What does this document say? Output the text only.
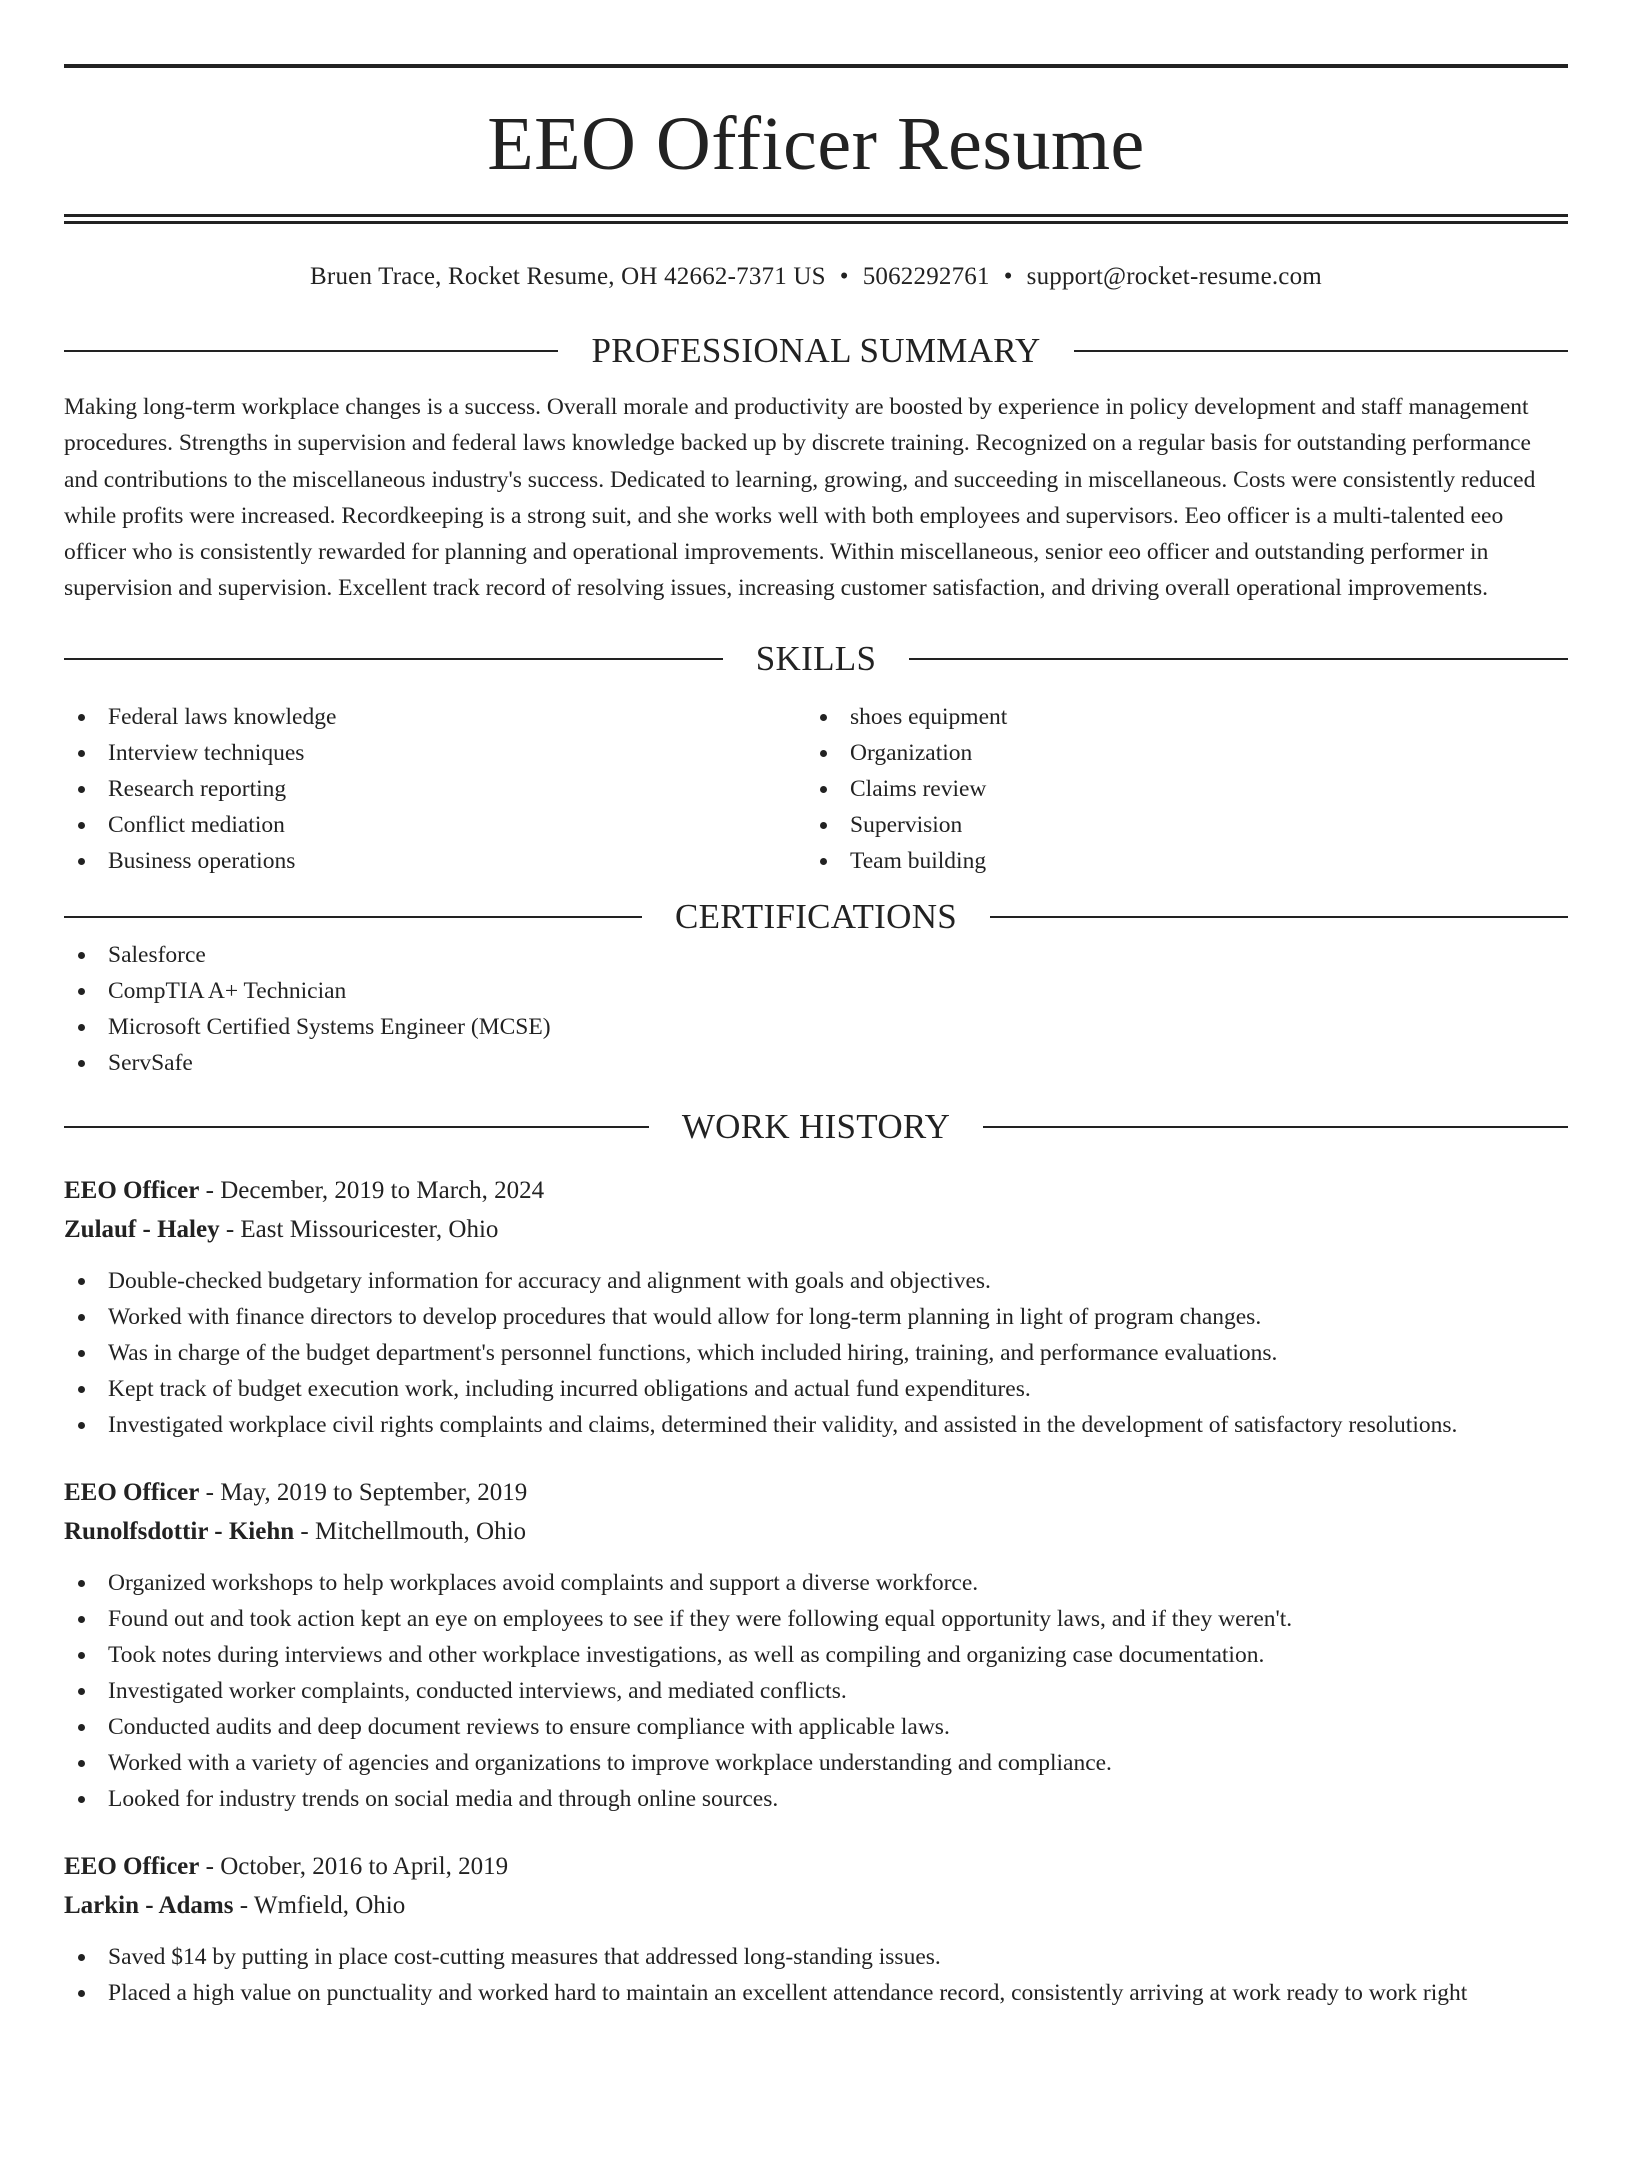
EEO Officer Resume
Bruen Trace, Rocket Resume, OH 42662-7371 US • 5062292761 • support@rocket-resume.com
PROFESSIONAL SUMMARY

Making long-term workplace changes is a success. Overall morale and productivity are boosted by experience in policy development and staff management procedures. Strengths in supervision and federal laws knowledge backed up by discrete training. Recognized on a regular basis for outstanding performance and contributions to the miscellaneous industry's success. Dedicated to learning, growing, and succeeding in miscellaneous. Costs were consistently reduced while profits were increased. Recordkeeping is a strong suit, and she works well with both employees and supervisors. Eeo officer is a multi-talented eeo officer who is consistently rewarded for planning and operational improvements. Within miscellaneous, senior eeo officer and outstanding performer in supervision and supervision. Excellent track record of resolving issues, increasing customer satisfaction, and driving overall operational improvements.

SKILLS
Federal laws knowledge
Interview techniques
Research reporting
Conflict mediation
Business operations
shoes equipment
Organization
Claims review
Supervision
Team building
CERTIFICATIONS
Salesforce
CompTIA A+ Technician
Microsoft Certified Systems Engineer (MCSE)
ServSafe
WORK HISTORY
EEO Officer - December, 2019 to March, 2024
Zulauf - Haley - East Missouricester, Ohio
Double-checked budgetary information for accuracy and alignment with goals and objectives.
Worked with finance directors to develop procedures that would allow for long-term planning in light of program changes.
Was in charge of the budget department's personnel functions, which included hiring, training, and performance evaluations.
Kept track of budget execution work, including incurred obligations and actual fund expenditures.
Investigated workplace civil rights complaints and claims, determined their validity, and assisted in the development of satisfactory resolutions.
EEO Officer - May, 2019 to September, 2019
Runolfsdottir - Kiehn - Mitchellmouth, Ohio
Organized workshops to help workplaces avoid complaints and support a diverse workforce.
Found out and took action kept an eye on employees to see if they were following equal opportunity laws, and if they weren't.
Took notes during interviews and other workplace investigations, as well as compiling and organizing case documentation.
Investigated worker complaints, conducted interviews, and mediated conflicts.
Conducted audits and deep document reviews to ensure compliance with applicable laws.
Worked with a variety of agencies and organizations to improve workplace understanding and compliance.
Looked for industry trends on social media and through online sources.
EEO Officer - October, 2016 to April, 2019
Larkin - Adams - Wmfield, Ohio
Saved $14 by putting in place cost-cutting measures that addressed long-standing issues.
Placed a high value on punctuality and worked hard to maintain an excellent attendance record, consistently arriving at work ready to work right
